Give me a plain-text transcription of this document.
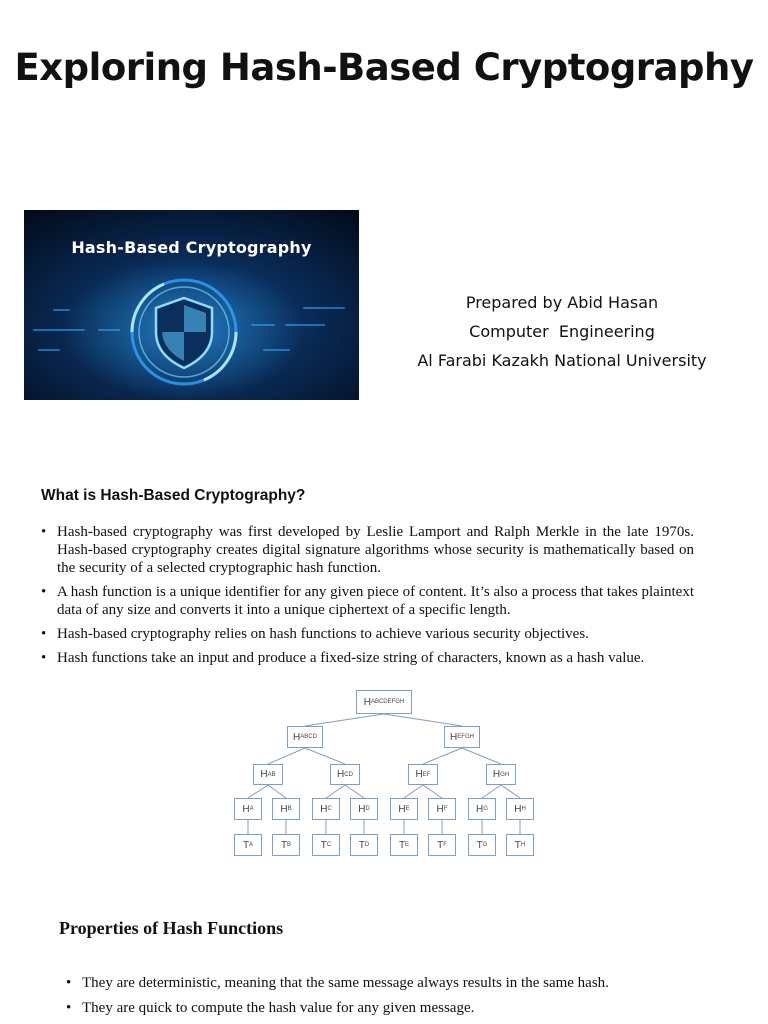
Exploring Hash-Based Cryptography
Hash-Based Cryptography
Prepared by Abid Hasan
Computer  Engineering
Al Farabi Kazakh National University
What is Hash-Based Cryptography?
• Hash-based cryptography was first developed by Leslie Lamport and Ralph Merkle in the late 1970s. Hash-based cryptography creates digital signature algorithms whose security is mathematically based on the security of a selected cryptographic hash function.
• A hash function is a unique identifier for any given piece of content. It’s also a process that takes plaintext data of any size and converts it into a unique ciphertext of a specific length.
• Hash-based cryptography relies on hash functions to achieve various security objectives.
• Hash functions take an input and produce a fixed-size string of characters, known as a hash value.
H ABCDEFGH
H ABCD	H EFGH
H AB	H CD	H EF	H GH
H A	H B	H C	H D	H E	H F	H G	H H
T A	T B	T C	T D	T E	T F	T G	T H
Properties of Hash Functions
• They are deterministic, meaning that the same message always results in the same hash.
• They are quick to compute the hash value for any given message.
